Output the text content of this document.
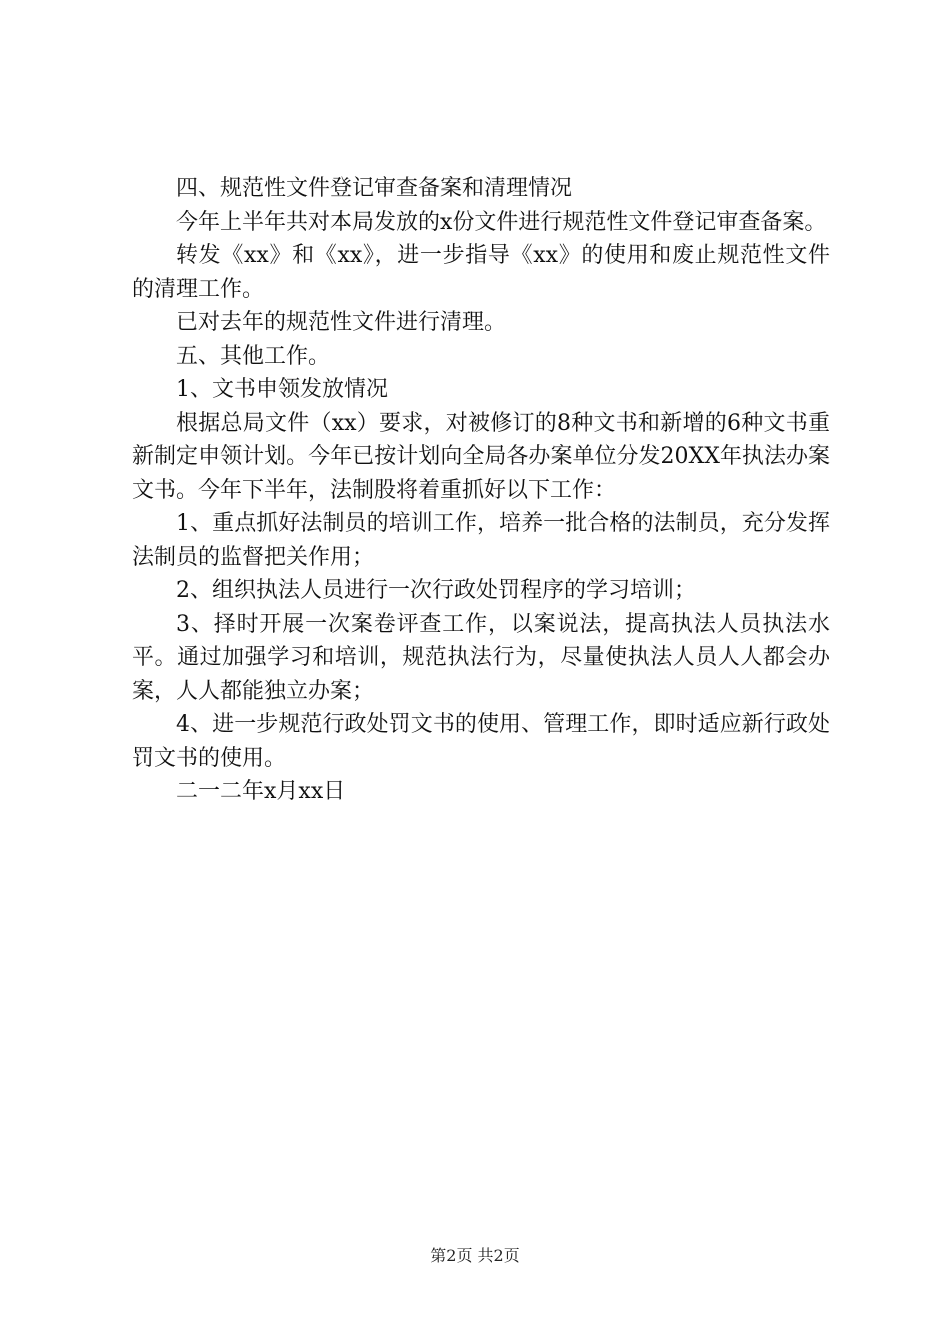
四、规范性文件登记审查备案和清理情况

今年上半年共对本局发放的x份文件进行规范性文件登记审查备案。

转发《xx》和《xx》，进一步指导《xx》的使用和废止规范性文件的清理工作。

已对去年的规范性文件进行清理。

五、其他工作。

1、文书申领发放情况

根据总局文件（xx）要求，对被修订的8种文书和新增的6种文书重新制定申领计划。今年已按计划向全局各办案单位分发20XX年执法办案文书。今年下半年，法制股将着重抓好以下工作：

1、重点抓好法制员的培训工作，培养一批合格的法制员，充分发挥法制员的监督把关作用；

2、组织执法人员进行一次行政处罚程序的学习培训；

3、择时开展一次案卷评查工作，以案说法，提高执法人员执法水平。通过加强学习和培训，规范执法行为，尽量使执法人员人人都会办案，人人都能独立办案；

4、进一步规范行政处罚文书的使用、管理工作，即时适应新行政处罚文书的使用。

二一二年x月xx日

第2页 共2页
